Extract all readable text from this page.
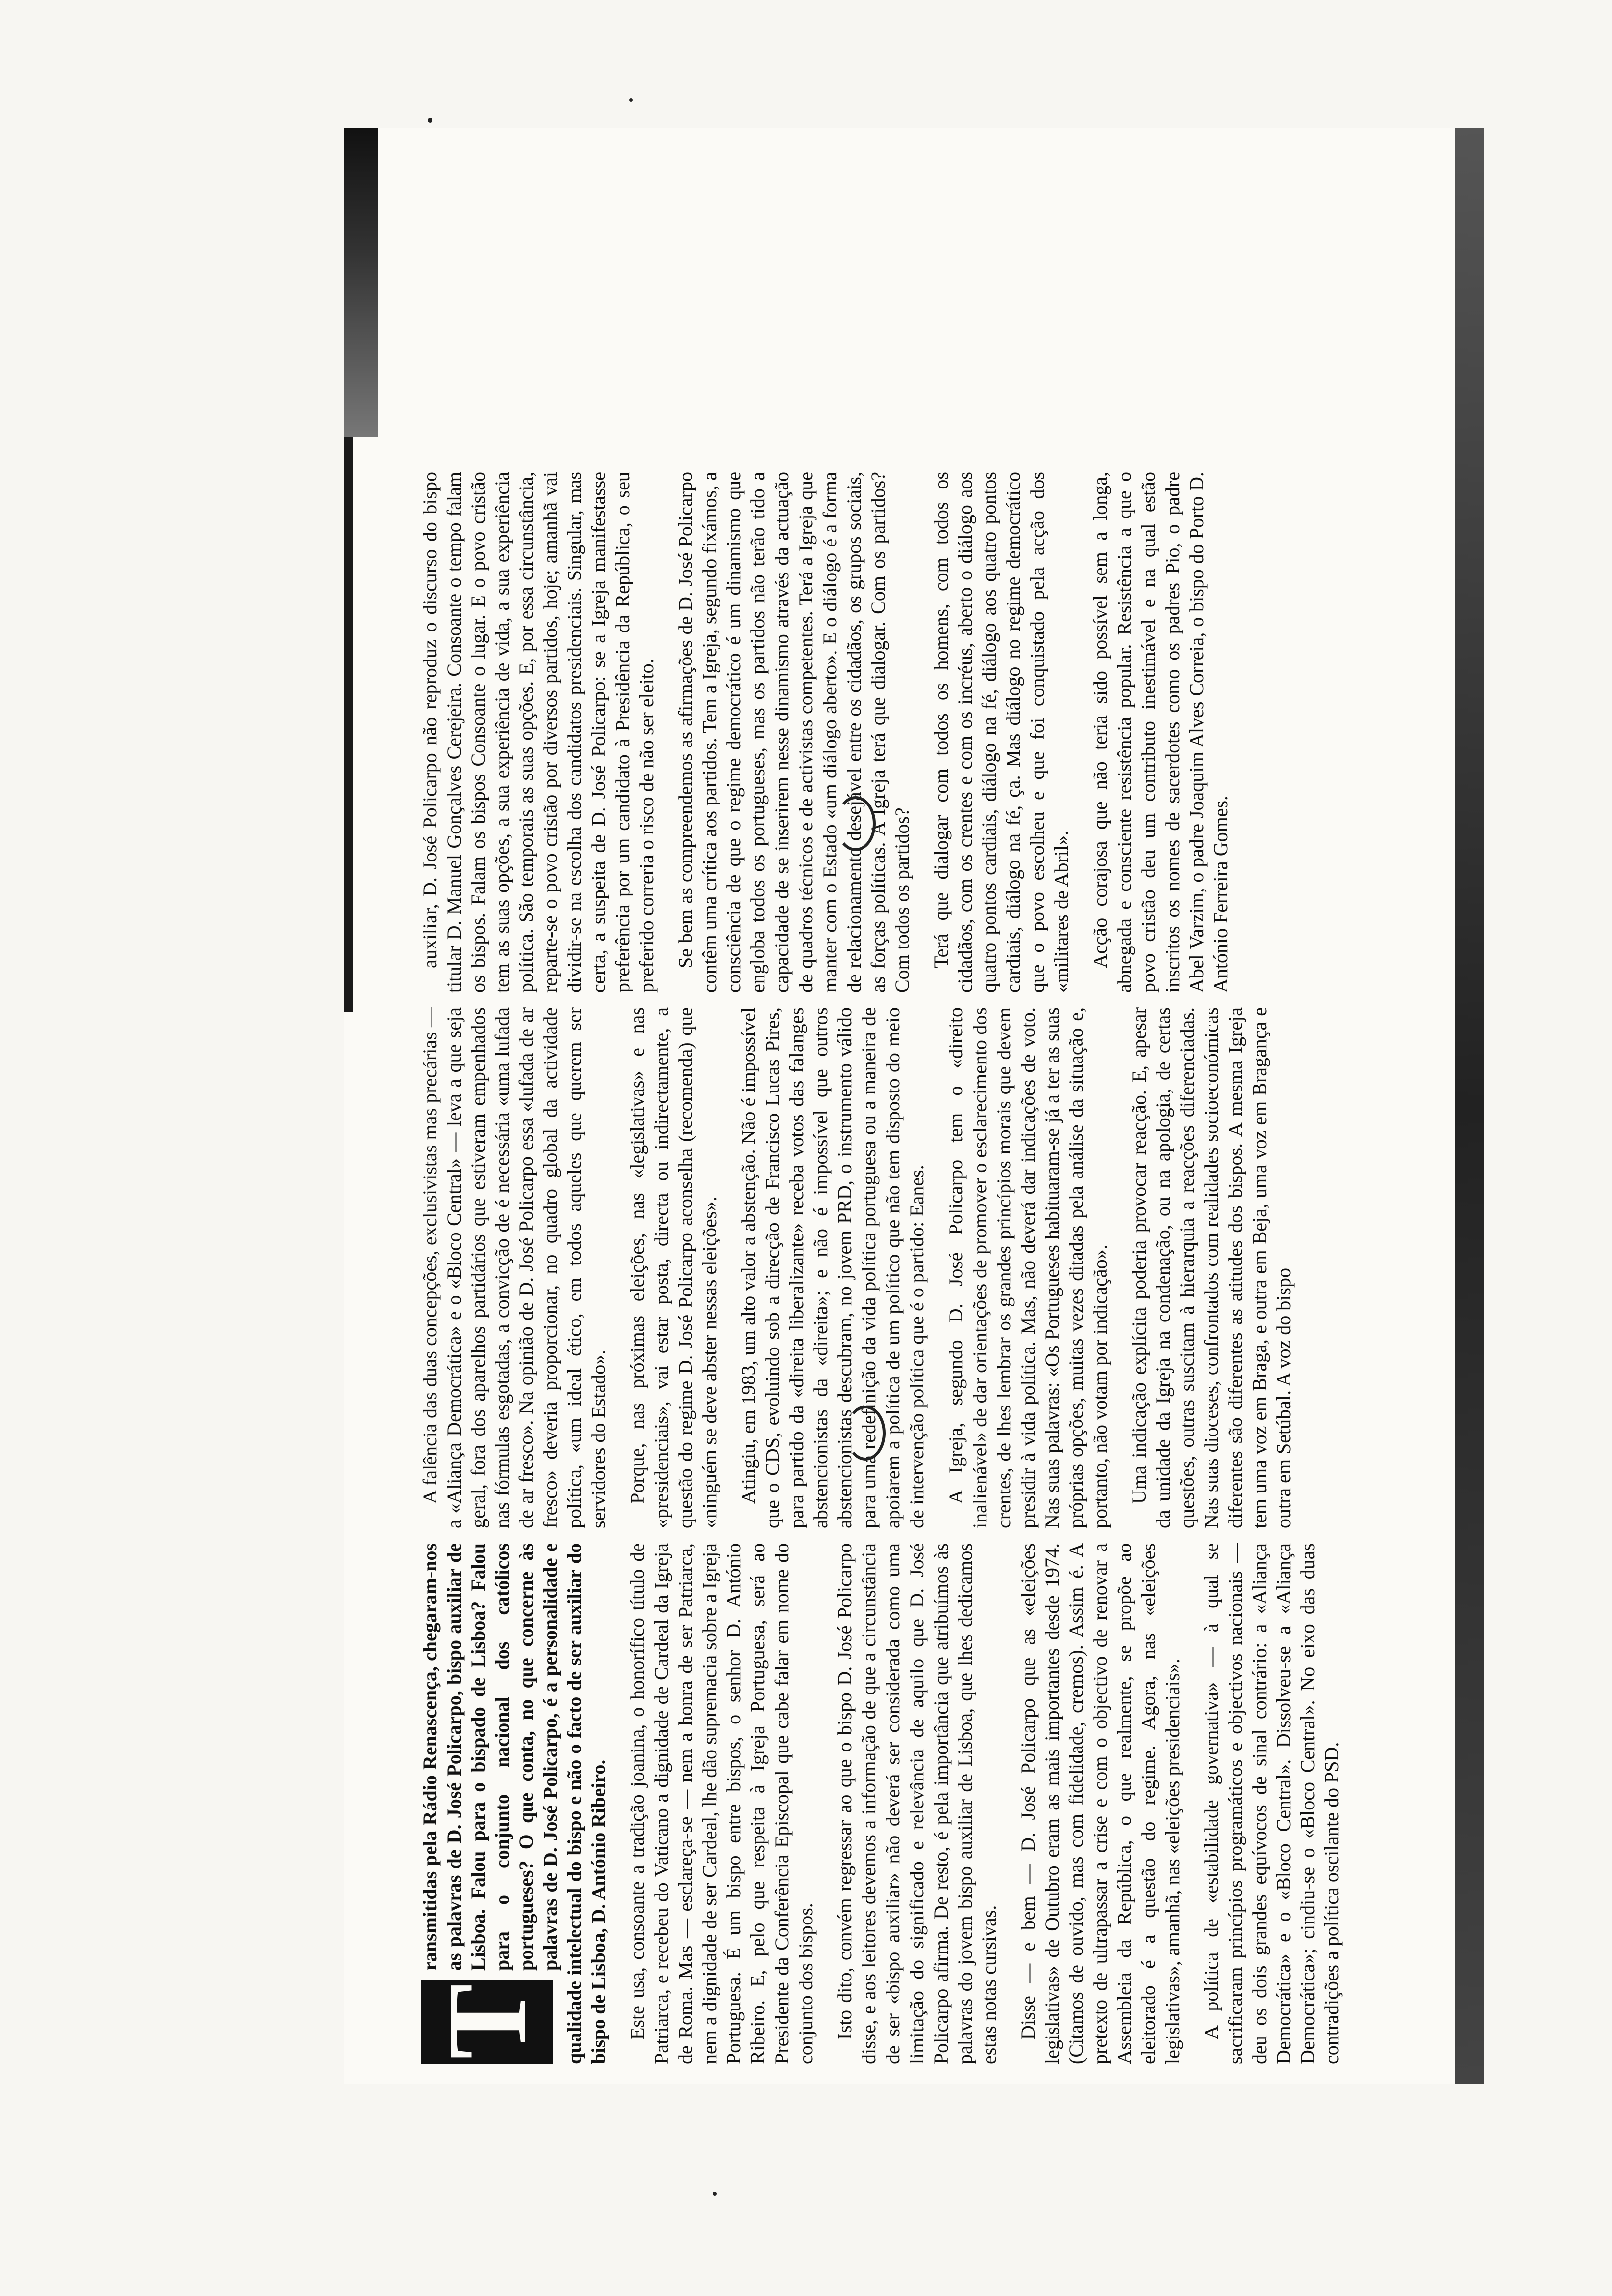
T
ransmitidas pela Rádio Renascença, chegaram-nos as palavras de D. José Policarpo, bispo auxiliar de Lisboa. Falou para o bispado de Lisboa? Falou para o conjunto nacional dos católicos portugueses? O que conta, no que concerne às palavras de D. José Policarpo, é a personalidade e qualidade intelectual do bispo e não o facto de ser auxiliar do bispo de Lisboa, D. António Ribeiro. Este usa, consoante a tradição joanina, o honorífico título de Patriarca, e recebeu do Vaticano a dignidade de Cardeal da Igreja de Roma. Mas — esclareça-se — nem a honra de ser Patriarca, nem a dignidade de ser Cardeal, lhe dão supremacia sobre a Igreja Portuguesa. É um bispo entre bispos, o senhor D. António Ribeiro. E, pelo que respeita à Igreja Portuguesa, será ao Presidente da Conferência Episcopal que cabe falar em nome do conjunto dos bispos. Isto dito, convém regressar ao que o bispo D. José Policarpo disse, e aos leitores devemos a informação de que a circunstância de ser «bispo auxiliar» não deverá ser considerada como uma limitação do significado e relevância de aquilo que D. José Policarpo afirma. De resto, é pela importância que atribuímos às palavras do jovem bispo auxiliar de Lisboa, que lhes dedicamos estas notas cursivas. Disse — e bem — D. José Policarpo que as «eleições legislativas» de Outubro eram as mais importantes desde 1974. (Citamos de ouvido, mas com fidelidade, cremos). Assim é. A pretexto de ultrapassar a crise e com o objectivo de renovar a Assembleia da República, o que realmente, se propõe ao eleitorado é a questão do regime. Agora, nas «eleições legislativas», amanhã, nas «eleições presidenciais». A política de «estabilidade governativa» — à qual se sacrificaram princípios programáticos e objectivos nacionais — deu os dois grandes equívocos de sinal contrário: a «Aliança Democrática» e o «Bloco Central». Dissolveu-se a «Aliança Democrática»; cindiu-se o «Bloco Central». No eixo das duas contradições a política oscilante do PSD.

A falência das duas concepções, exclusivistas mas precárias — a «Aliança Democrática» e o «Bloco Central» — leva a que seja geral, fora dos aparelhos partidários que estiveram empenhados nas fórmulas esgotadas, a convicção de é necessária «uma lufada de ar fresco». Na opinião de D. José Policarpo essa «lufada de ar fresco» deveria proporcionar, no quadro global da actividade política, «um ideal ético, em todos aqueles que querem ser servidores do Estado». Porque, nas próximas eleições, nas «legislativas» e nas «presidenciais», vai estar posta, directa ou indirectamente, a questão do regime D. José Policarpo aconselha (recomenda) que «ninguém se deve abster nessas eleições». Atingiu, em 1983, um alto valor a abstenção. Não é impossível que o CDS, evoluindo sob a direcção de Francisco Lucas Pires, para partido da «direita liberalizante» receba votos das falanges abstencionistas da «direita»; e não é impossível que outros abstencionistas descubram, no jovem PRD, o instrumento válido para uma redefinição da vida política portuguesa ou a maneira de apoiarem a política de um político que não tem disposto do meio de intervenção política que é o partido: Eanes. A Igreja, segundo D. José Policarpo tem o «direito inalienável» de dar orientações de promover o esclarecimento dos crentes, de lhes lembrar os grandes princípios morais que devem presidir à vida política. Mas, não deverá dar indicações de voto. Nas suas palavras: «Os Portugueses habituaram-se já a ter as suas próprias opções, muitas vezes ditadas pela análise da situação e, portanto, não votam por indicação». Uma indicação explícita poderia provocar reacção. E, apesar da unidade da Igreja na condenação, ou na apologia, de certas questões, outras suscitam à hierarquia a reacções diferenciadas. Nas suas dioceses, confrontados com realidades socioeconómicas diferentes são diferentes as atitudes dos bispos. A mesma Igreja tem uma voz em Braga, e outra em Beja, uma voz em Bragança e outra em Setúbal. A voz do bispo

auxiliar, D. José Policarpo não reproduz o discurso do bispo titular D. Manuel Gonçalves Cerejeira. Consoante o tempo falam os bispos. Falam os bispos Consoante o lugar. E o povo cristão tem as suas opções, a sua experiência de vida, a sua experiência política. São temporais as suas opções. E, por essa circunstância, reparte-se o povo cristão por diversos partidos, hoje; amanhã vai dividir-se na escolha dos candidatos presidenciais. Singular, mas certa, a suspeita de D. José Policarpo: se a Igreja manifestasse preferência por um candidato à Presidência da República, o seu preferido correria o risco de não ser eleito. Se bem as compreendemos as afirmações de D. José Policarpo contêm uma crítica aos partidos. Tem a Igreja, segundo fixámos, a consciência de que o regime democrático é um dinamismo que engloba todos os portugueses, mas os partidos não terão tido a capacidade de se inserirem nesse dinamismo através da actuação de quadros técnicos e de activistas competentes. Terá a Igreja que manter com o Estado «um diálogo aberto». E o diálogo é a forma de relacionamento desejável entre os cidadãos, os grupos sociais, as forças políticas. A Igreja terá que dialogar. Com os partidos? Com todos os partidos? Terá que dialogar com todos os homens, com todos os cidadãos, com os crentes e com os incréus, aberto o diálogo aos quatro pontos cardiais, diálogo na fé, diálogo aos quatro pontos cardiais, diálogo na fé, ça. Mas diálogo no regime democrático que o povo escolheu e que foi conquistado pela acção dos «militares de Abril». Acção corajosa que não teria sido possível sem a longa, abnegada e consciente resistência popular. Resistência a que o povo cristão deu um contributo inestimável e na qual estão inscritos os nomes de sacerdotes como os padres Pio, o padre Abel Varzim, o padre Joaquim Alves Correia, o bispo do Porto D. António Ferreira Gomes.
